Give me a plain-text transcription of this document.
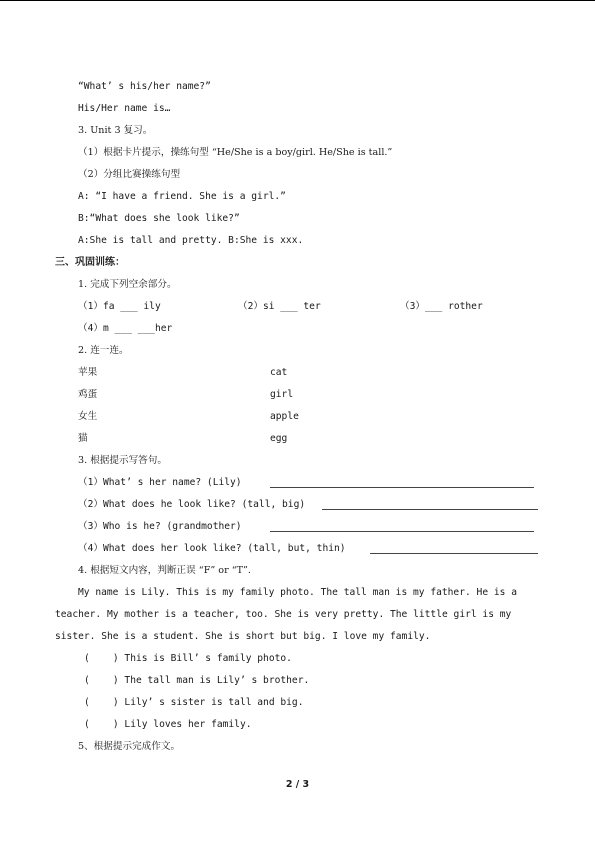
“What’ s his/her name?”
His/Her name is…
3. Unit 3 复习。
（1）根据卡片提示，操练句型 “He/She is a boy/girl. He/She is tall.”
（2）分组比赛操练句型
A: “I have a friend. She is a girl.”
B:“What does she look like?”
A:She is tall and pretty. B:She is xxx.
三、巩固训练：
1. 完成下列空余部分。
（1）fa ___ ily	（2）si ___ ter	（3）___ rother
（4）m ___ ___her
2. 连一连。
苹果	cat
鸡蛋	girl
女生	apple
猫	egg
3. 根据提示写答句。
（1）What’ s her name? (Lily)
（2）What does he look like? (tall, big)
（3）Who is he? (grandmother)
（4）What does her look like? (tall, but, thin)
4. 根据短文内容，判断正误 “F” or “T”.
My name is Lily. This is my family photo. The tall man is my father. He is a
teacher. My mother is a teacher, too. She is very pretty. The little girl is my
sister. She is a student. She is short but big. I love my family.
(    ) This is Bill’ s family photo.
(    ) The tall man is Lily’ s brother.
(    ) Lily’ s sister is tall and big.
(    ) Lily loves her family.
5、根据提示完成作文。
2 / 3
